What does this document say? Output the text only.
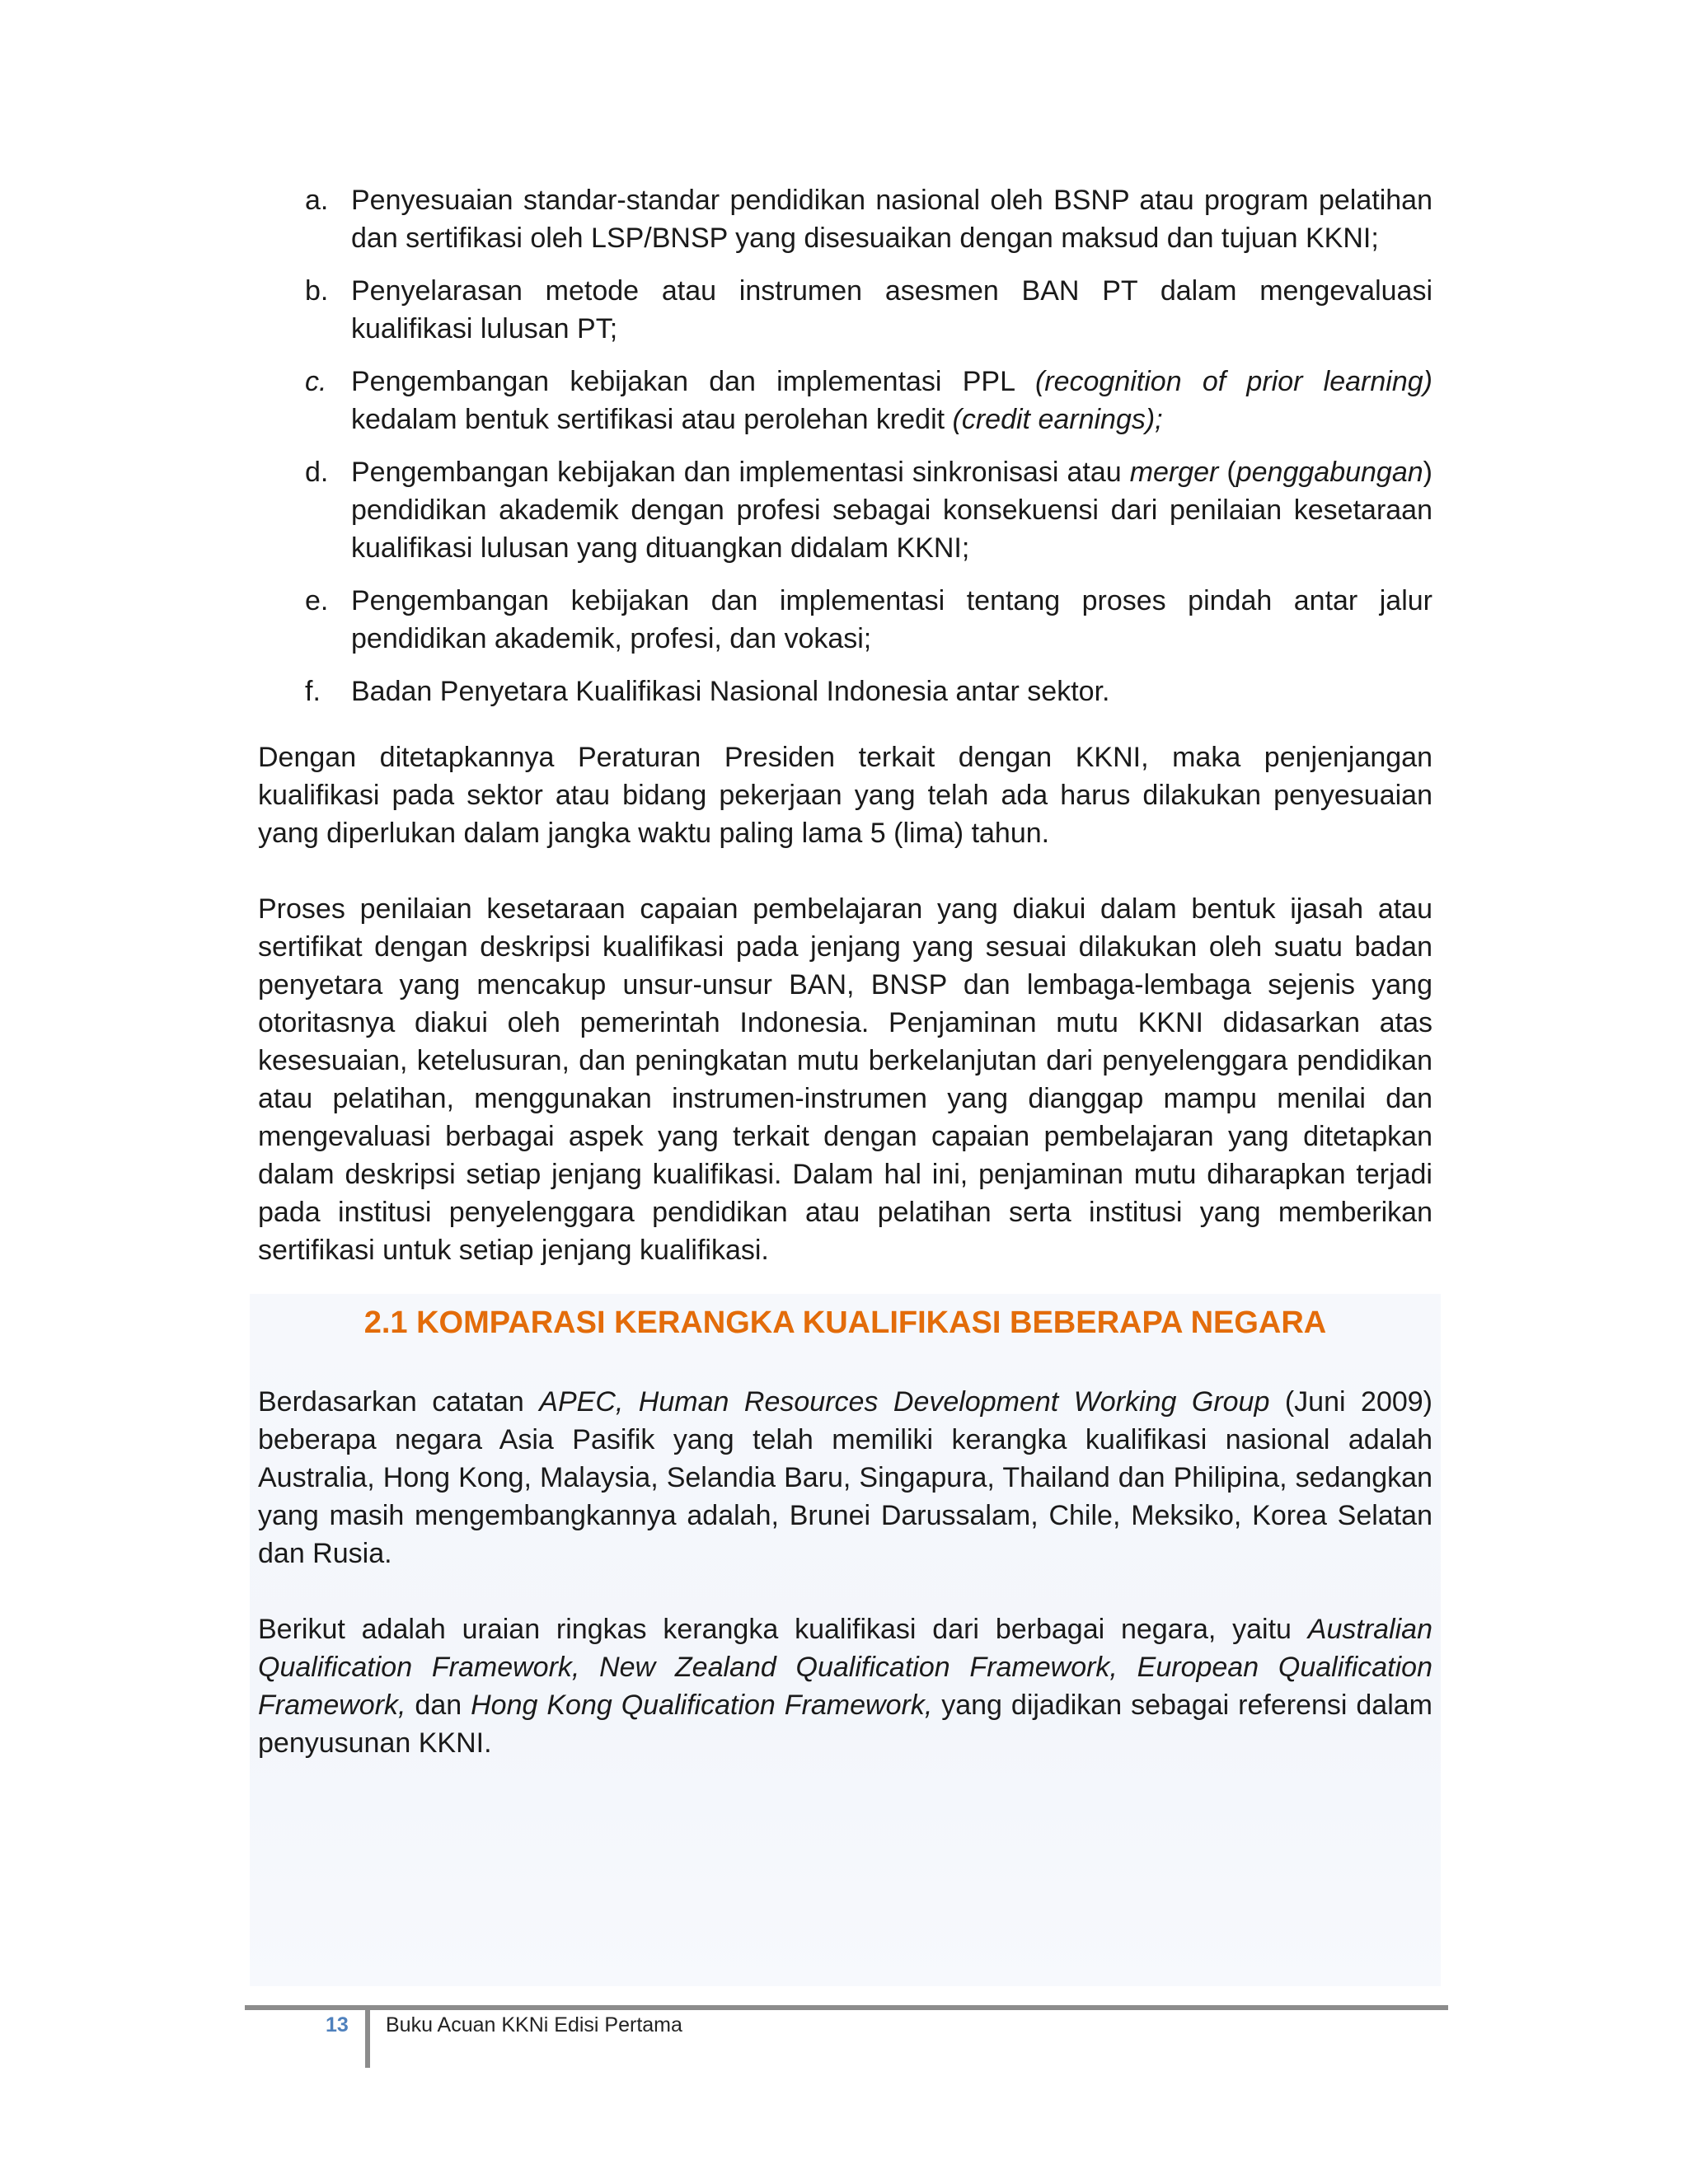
a. Penyesuaian standar-standar pendidikan nasional oleh BSNP atau program pelatihan dan sertifikasi oleh LSP/BNSP yang disesuaikan dengan maksud dan tujuan KKNI;
b. Penyelarasan metode atau instrumen asesmen BAN PT dalam mengevaluasi kualifikasi lulusan PT;
c. Pengembangan kebijakan dan implementasi PPL (recognition of prior learning) kedalam bentuk sertifikasi atau perolehan kredit (credit earnings);
d. Pengembangan kebijakan dan implementasi sinkronisasi atau merger (penggabungan) pendidikan akademik dengan profesi sebagai konsekuensi dari penilaian kesetaraan kualifikasi lulusan yang dituangkan didalam KKNI;
e. Pengembangan kebijakan dan implementasi tentang proses pindah antar jalur pendidikan akademik, profesi, dan vokasi;
f.	Badan Penyetara Kualifikasi Nasional Indonesia antar sektor.

Dengan ditetapkannya Peraturan Presiden terkait dengan KKNI, maka penjenjangan kualifikasi pada sektor atau bidang pekerjaan yang telah ada harus dilakukan penyesuaian yang diperlukan dalam jangka waktu paling lama 5 (lima) tahun.

Proses penilaian kesetaraan capaian pembelajaran yang diakui dalam bentuk ijasah atau sertifikat dengan deskripsi kualifikasi pada jenjang yang sesuai dilakukan oleh suatu badan penyetara yang mencakup unsur-unsur BAN, BNSP dan lembaga-lembaga sejenis yang otoritasnya diakui oleh pemerintah Indonesia. Penjaminan mutu KKNI didasarkan atas kesesuaian, ketelusuran, dan peningkatan mutu berkelanjutan dari penyelenggara pendidikan atau pelatihan, menggunakan instrumen-instrumen yang dianggap mampu menilai dan mengevaluasi berbagai aspek yang terkait dengan capaian pembelajaran yang ditetapkan dalam deskripsi setiap jenjang kualifikasi. Dalam hal ini, penjaminan mutu diharapkan terjadi pada institusi penyelenggara pendidikan atau pelatihan serta institusi yang memberikan sertifikasi untuk setiap jenjang kualifikasi.

2.1 KOMPARASI KERANGKA KUALIFIKASI BEBERAPA NEGARA

Berdasarkan catatan APEC, Human Resources Development Working Group (Juni 2009) beberapa negara Asia Pasifik yang telah memiliki kerangka kualifikasi nasional adalah Australia, Hong Kong, Malaysia, Selandia Baru, Singapura, Thailand dan Philipina, sedangkan yang masih mengembangkannya adalah, Brunei Darussalam, Chile, Meksiko, Korea Selatan dan Rusia.

Berikut adalah uraian ringkas kerangka kualifikasi dari berbagai negara, yaitu Australian Qualification Framework, New Zealand Qualification Framework, European Qualification Framework, dan Hong Kong Qualification Framework, yang dijadikan sebagai referensi dalam penyusunan KKNI.

13 Buku Acuan KKNi Edisi Pertama
